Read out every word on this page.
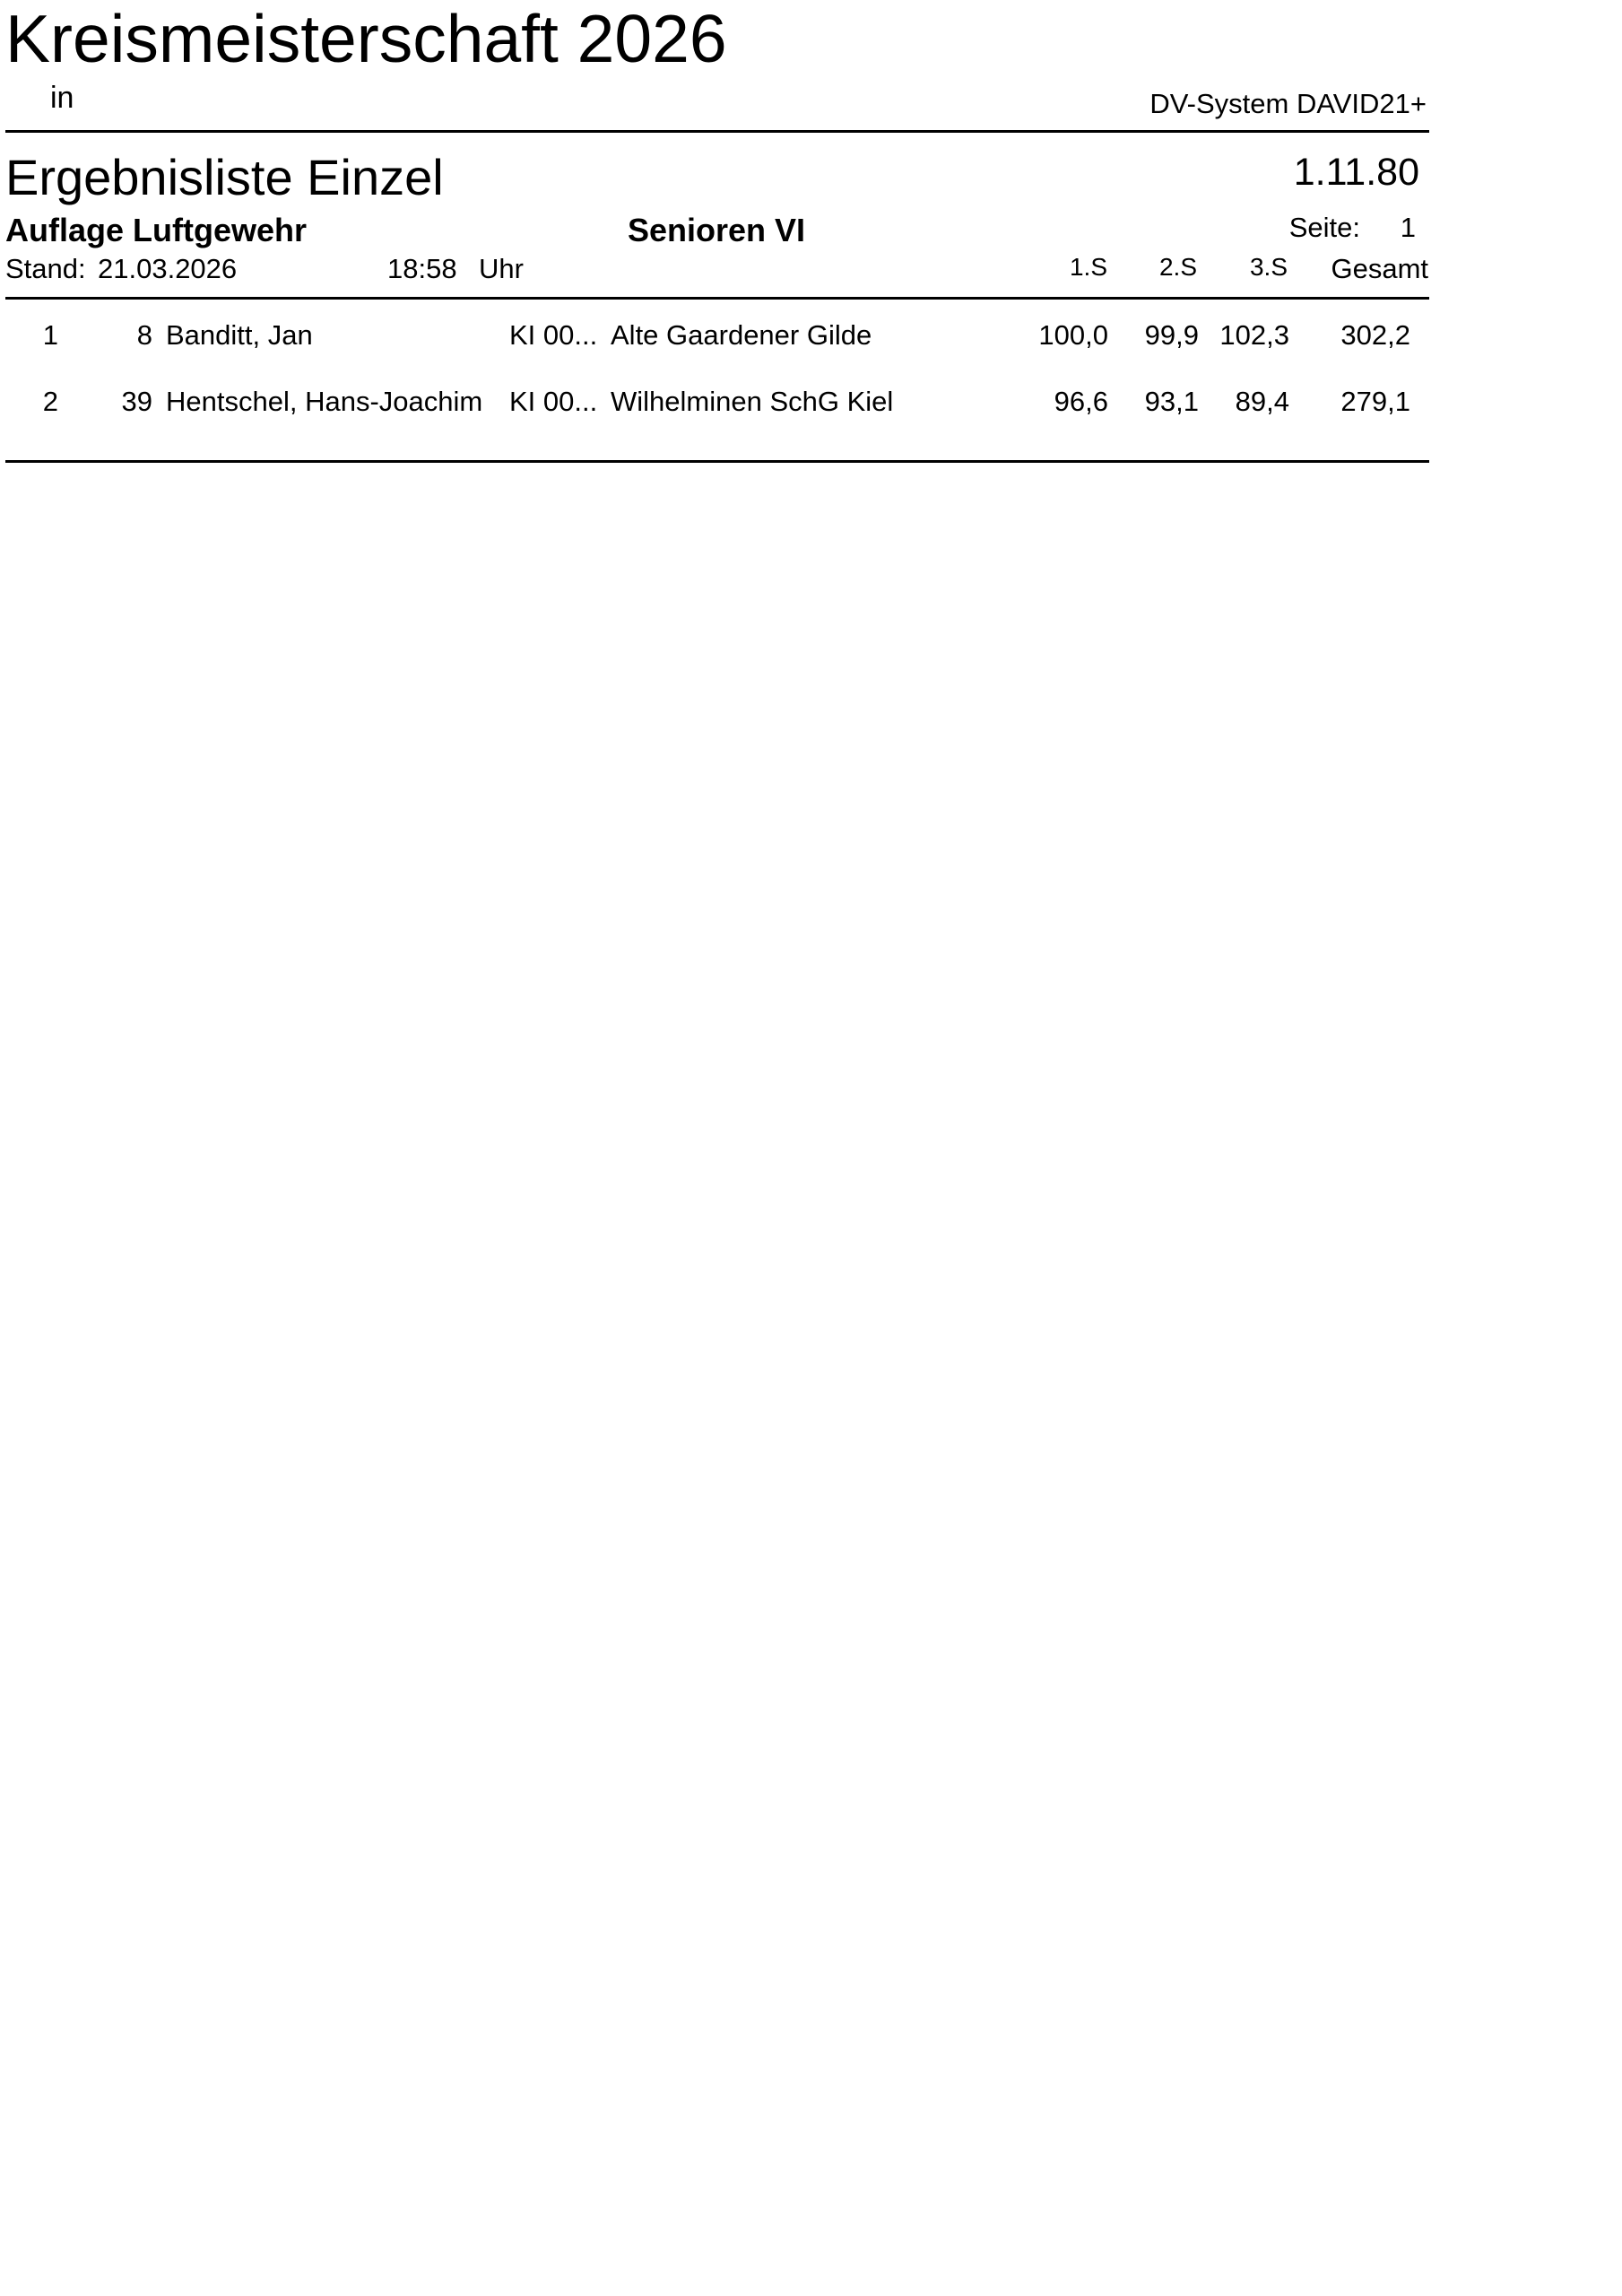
Kreismeisterschaft 2026
in	DV-System DAVID21+
Ergebnisliste Einzel	1.11.80
Auflage Luftgewehr	Senioren VI	Seite: 1
Stand: 21.03.2026	18:58 Uhr	1.S 2.S 3.S Gesamt
1	8 Banditt, Jan	KI 00... Alte Gaardener Gilde	100,0 99,9 102,3 302,2
2 39 Hentschel, Hans-Joachim KI 00... Wilhelminen SchG Kiel	96,6 93,1 89,4 279,1
